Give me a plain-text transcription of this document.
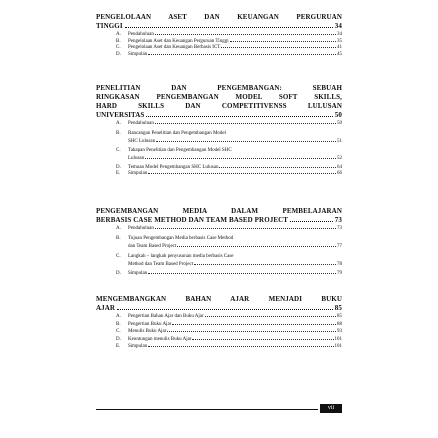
PENGELOLAAN ASET DAN KEUANGAN PERGURUAN
TINGGI	34
A.	Pendahuluan	34
B.	Pengelolaan Aset dan Keuangan Perguruan Tinggi	35
C.	Pengelolaan Aset dan Keuangan Berbasis ICT	41
D.	Simpulan	45
PENELITIAN DAN PENGEMBANGAN: SEBUAH
RINGKASAN PENGEMBANGAN MODEL SOFT SKILLS,
HARD SKILLS DAN COMPETITIVENSS LULUSAN
UNIVERSITAS	50
A.	Pendahuluan	50
B.	Rancangan Penelitian dan Pengembangan Model
SHC Lulusan	51
C.	Tahapan Penelitian dan Pengembangan Model SHC
Lulusan	52
D.	Temuan Model Pengembangan SHC Lulusan	64
E.	Simpulan	66
PENGEMBANGAN MEDIA DALAM PEMBELAJARAN
BERBASIS CASE METHOD DAN TEAM BASED PROJECT	73
A.	Pendahuluan	73
B.	Tujuan Pengembangan Media berbasis Case Method
dan Team Based Project	77
C.	Langkah – langkah penyusunan media berbasis Case
Method dan Team Based Project	78
D.	Simpulan	79
MENGEMBANGKAN BAHAN AJAR MENJADI BUKU
AJAR	85
A.	Pengertian Bahan Ajar dan Buku Ajar	85
B.	Pengertian Buku Ajar	88
C.	Menulis Buku Ajar	93
D.	Keuntungan menulis Buku Ajar	101
E.	Simpulan	101
vii
